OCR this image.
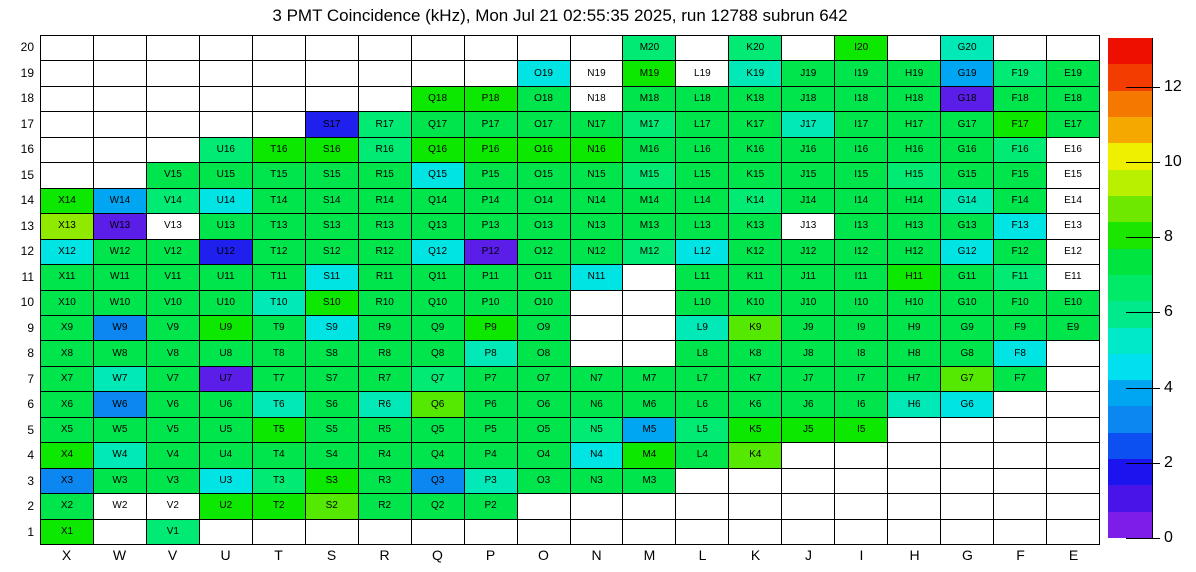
3 PMT Coincidence (kHz), Mon Jul 21 02:55:35 2025, run 12788 subrun 642
20
19
18
17
16
15
14
13
12
11
10
9
8
7
6
5
4
3
2
1
M20	K20	I20	G20
O19	N19	M19	L19	K19	J19	I19	H19	G19	F19	E19
Q18	P18	O18	N18	M18	L18	K18	J18	I18	H18	G18	F18	E18
S17	R17	Q17	P17	O17	N17	M17	L17	K17	J17	I17	H17	G17	F17	E17
U16	T16	S16	R16	Q16	P16	O16	N16	M16	L16	K16	J16	I16	H16	G16	F16	E16
V15	U15	T15	S15	R15	Q15	P15	O15	N15	M15	L15	K15	J15	I15	H15	G15	F15	E15
X14	W14	V14	U14	T14	S14	R14	Q14	P14	O14	N14	M14	L14	K14	J14	I14	H14	G14	F14	E14
X13	W13	V13	U13	T13	S13	R13	Q13	P13	O13	N13	M13	L13	K13	J13	I13	H13	G13	F13	E13
X12	W12	V12	U12	T12	S12	R12	Q12	P12	O12	N12	M12	L12	K12	J12	I12	H12	G12	F12	E12
X11	W11	V11	U11	T11	S11	R11	Q11	P11	O11	N11	L11	K11	J11	I11	H11	G11	F11	E11
X10	W10	V10	U10	T10	S10	R10	Q10	P10	O10	L10	K10	J10	I10	H10	G10	F10	E10
X9	W9	V9	U9	T9	S9	R9	Q9	P9	O9	L9	K9	J9	I9	H9	G9	F9	E9
X8	W8	V8	U8	T8	S8	R8	Q8	P8	O8	L8	K8	J8	I8	H8	G8	F8
X7	W7	V7	U7	T7	S7	R7	Q7	P7	O7	N7	M7	L7	K7	J7	I7	H7	G7	F7
X6	W6	V6	U6	T6	S6	R6	Q6	P6	O6	N6	M6	L6	K6	J6	I6	H6	G6
X5	W5	V5	U5	T5	S5	R5	Q5	P5	O5	N5	M5	L5	K5	J5	I5
X4	W4	V4	U4	T4	S4	R4	Q4	P4	O4	N4	M4	L4	K4
X3	W3	V3	U3	T3	S3	R3	Q3	P3	O3	N3	M3
X2	W2	V2	U2	T2	S2	R2	Q2	P2
X1	V1
X	W	V	U	T	S	R	Q	P	O	N	M	L	K	J	I	H	G	F	E
0
2
4
6
8
10
12
